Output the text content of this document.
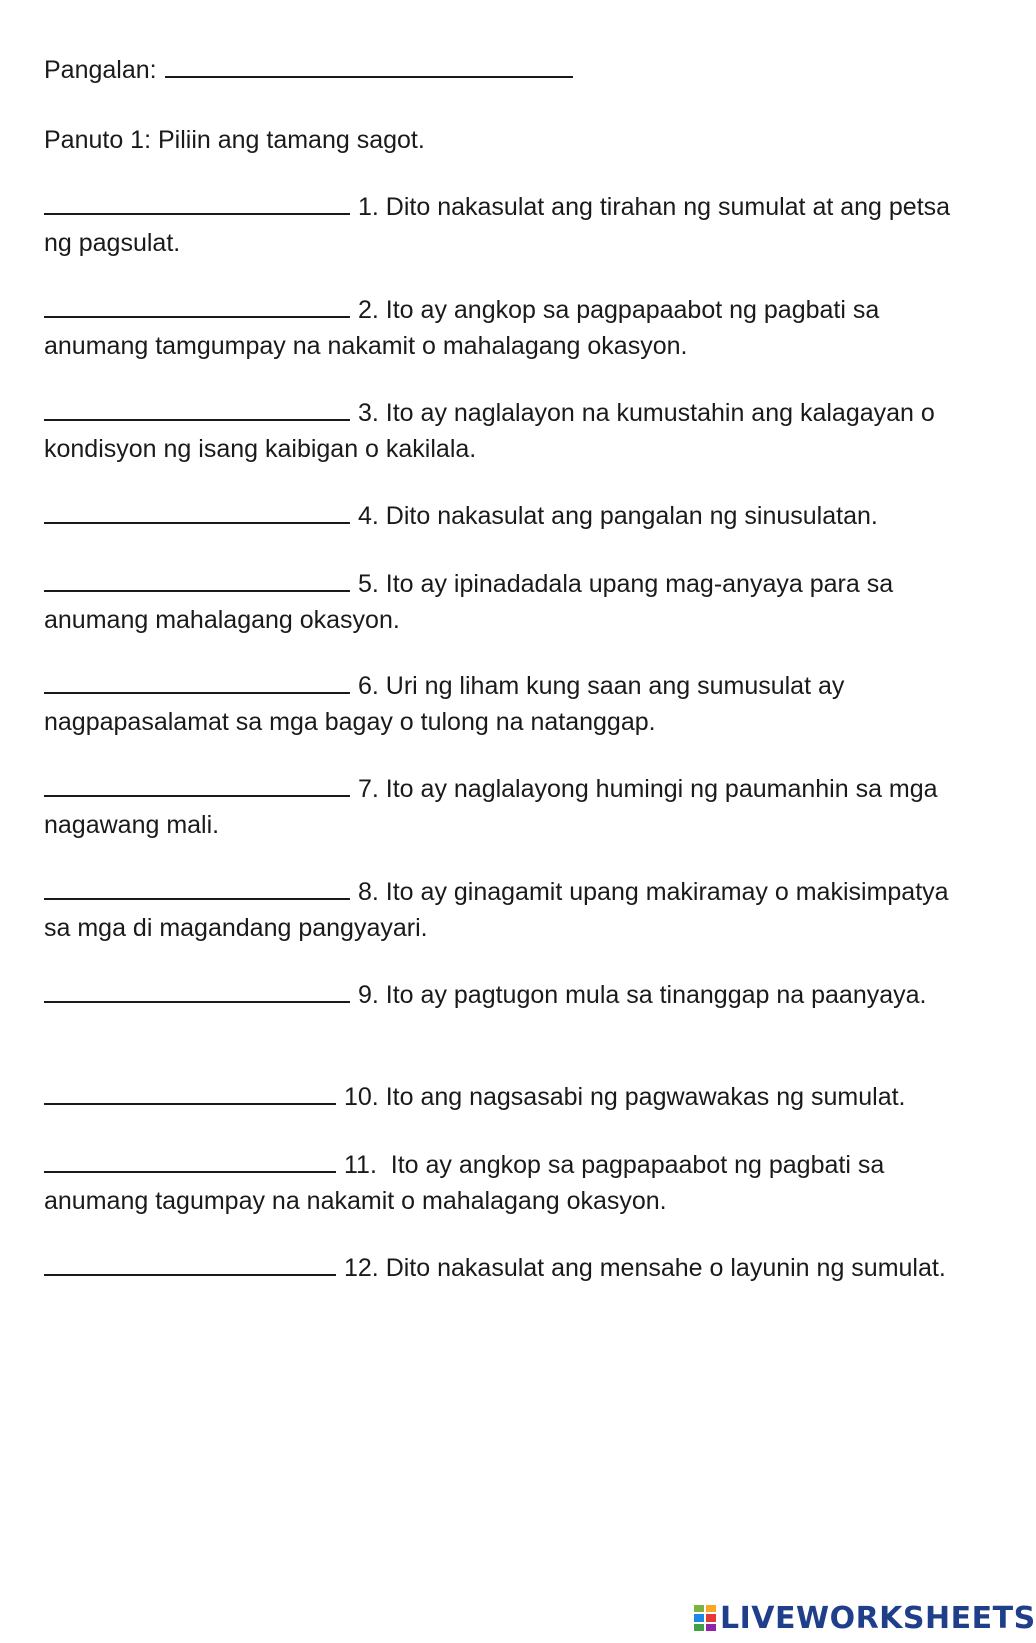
Pangalan:
Panuto 1: Piliin ang tamang sagot.
1. Dito nakasulat ang tirahan ng sumulat at ang petsa ng pagsulat.
2. Ito ay angkop sa pagpapaabot ng pagbati sa anumang tamgumpay na nakamit o mahalagang okasyon.
3. Ito ay naglalayon na kumustahin ang kalagayan o kondisyon ng isang kaibigan o kakilala.
4. Dito nakasulat ang pangalan ng sinusulatan.
5. Ito ay ipinadadala upang mag-anyaya para sa anumang mahalagang okasyon.
6. Uri ng liham kung saan ang sumusulat ay nagpapasalamat sa mga bagay o tulong na natanggap.
7. Ito ay naglalayong humingi ng paumanhin sa mga nagawang mali.
8. Ito ay ginagamit upang makiramay o makisimpatya sa mga di magandang pangyayari.
9. Ito ay pagtugon mula sa tinanggap na paanyaya.
10. Ito ang nagsasabi ng pagwawakas ng sumulat.
11.  Ito ay angkop sa pagpapaabot ng pagbati sa anumang tagumpay na nakamit o mahalagang okasyon.
12. Dito nakasulat ang mensahe o layunin ng sumulat.
LIVEWORKSHEETS
